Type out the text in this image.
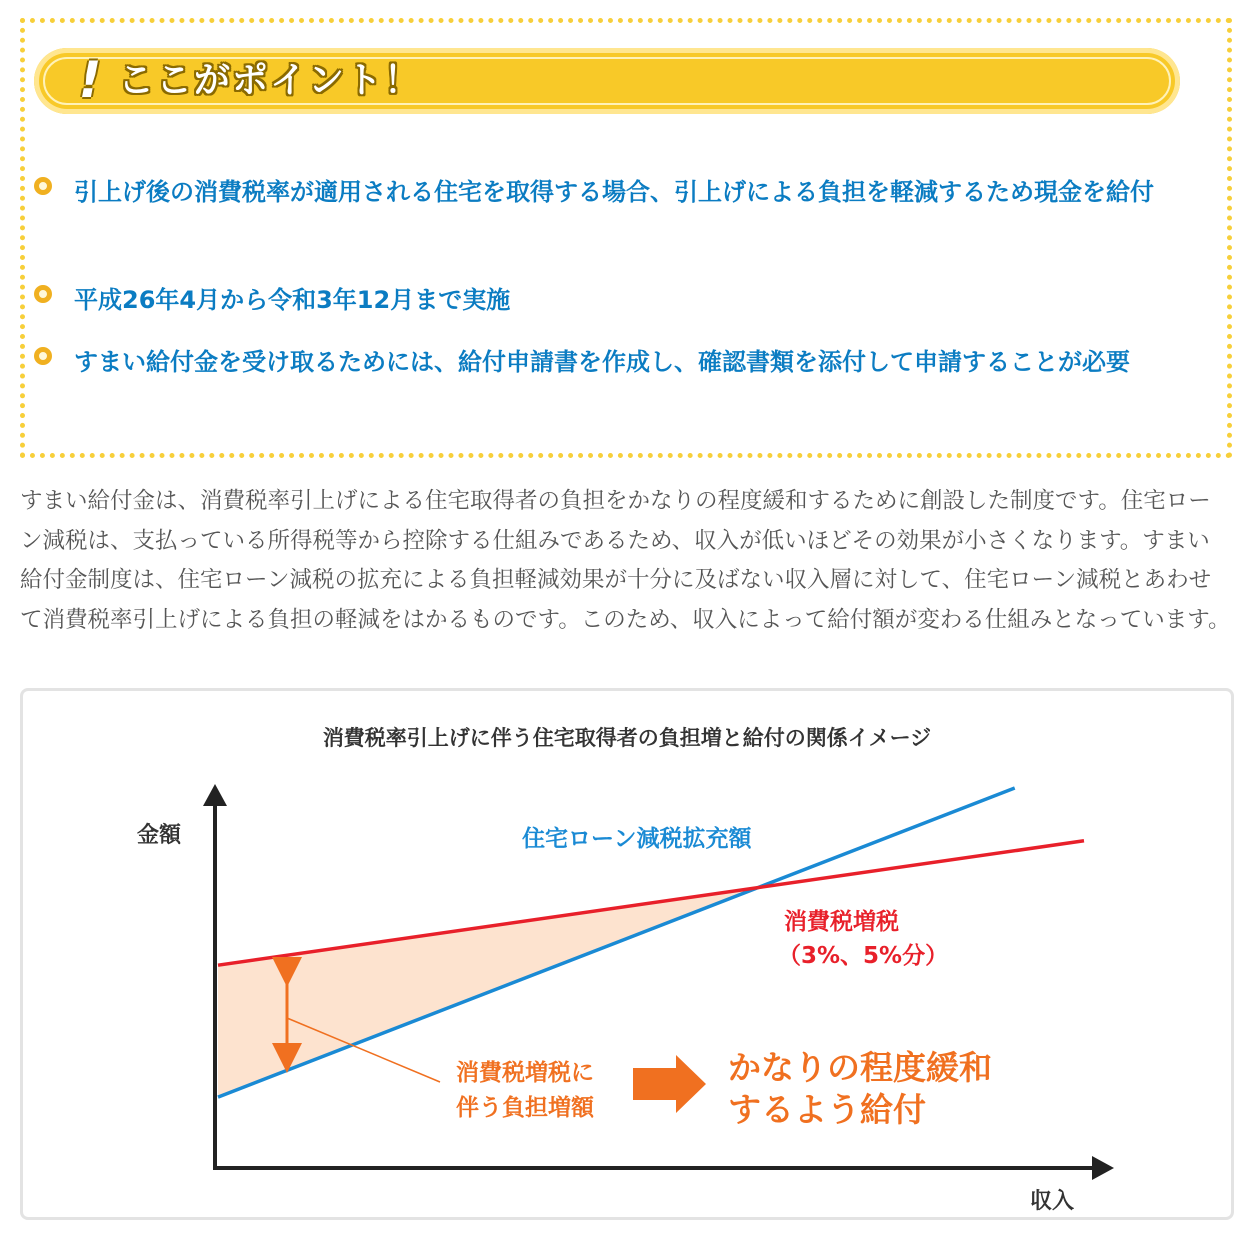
! ここがポイント！
引上げ後の消費税率が適用される住宅を取得する場合、引上げによる負担を軽減するため現金を給付
平成26年4月から令和3年12月まで実施
すまい給付金を受け取るためには、給付申請書を作成し、確認書類を添付して申請することが必要
すまい給付金は、消費税率引上げによる住宅取得者の負担をかなりの程度緩和するために創設した制度です。住宅ローン減税は、支払っている所得税等から控除する仕組みであるため、収入が低いほどその効果が小さくなります。すまい給付金制度は、住宅ローン減税の拡充による負担軽減効果が十分に及ばない収入層に対して、住宅ローン減税とあわせて消費税率引上げによる負担の軽減をはかるものです。このため、収入によって給付額が変わる仕組みとなっています。
消費税率引上げに伴う住宅取得者の負担増と給付の関係イメージ
金額
収入
住宅ローン減税拡充額
消費税増税
（3%、5%分）
消費税増税に
伴う負担増額
かなりの程度緩和
するよう給付
